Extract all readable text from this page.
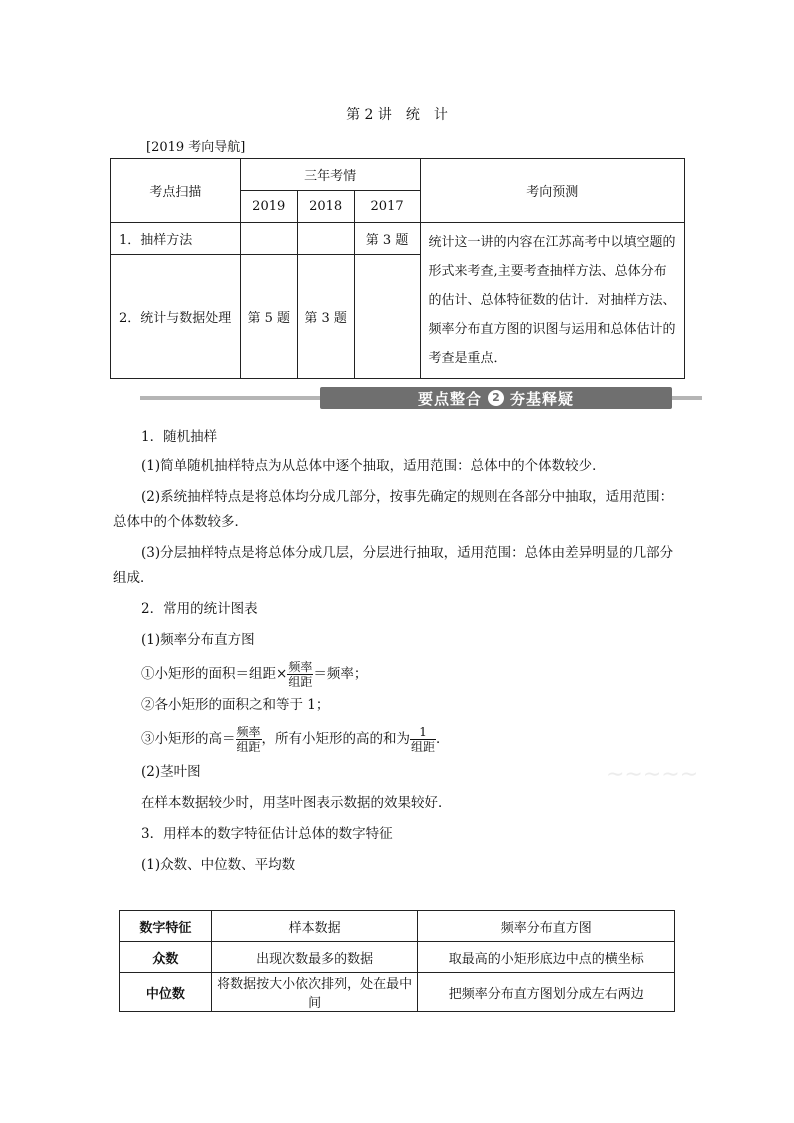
第 2 讲　统　计
[2019 考向导航]
考点扫描	三年考情			考向预测
	2019	2018	2017	
1．抽样方法			第 3 题	统计这一讲的内容在江苏高考中以填空题的形式来考查,主要考查抽样方法、总体分布的估计、总体特征数的估计．对抽样方法、频率分布直方图的识图与运用和总体估计的考查是重点．
2．统计与数据处理	第 5 题	第 3 题		
要点整合 2 夯基释疑

1．随机抽样

(1)简单随机抽样特点为从总体中逐个抽取，适用范围：总体中的个体数较少．

(2)系统抽样特点是将总体均分成几部分，按事先确定的规则在各部分中抽取，适用范围：总体中的个体数较多．

(3)分层抽样特点是将总体分成几层，分层进行抽取，适用范围：总体由差异明显的几部分组成．

2．常用的统计图表

(1)频率分布直方图

①小矩形的面积＝组距× $\frac{\text{频率}}{\text{组距}}$ ＝频率；

②各小矩形的面积之和等于 1；

③小矩形的高＝ $\frac{\text{频率}}{\text{组距}}$ ，所有小矩形的高的和为 $\frac{1}{\text{组距}}$ ．

(2)茎叶图

在样本数据较少时，用茎叶图表示数据的效果较好．

3．用样本的数字特征估计总体的数字特征

(1)众数、中位数、平均数

∼∼∼∼∼
数字特征	样本数据	频率分布直方图
众数	出现次数最多的数据	取最高的小矩形底边中点的横坐标
中位数	将数据按大小依次排列，处在最中间	把频率分布直方图划分成左右两边
